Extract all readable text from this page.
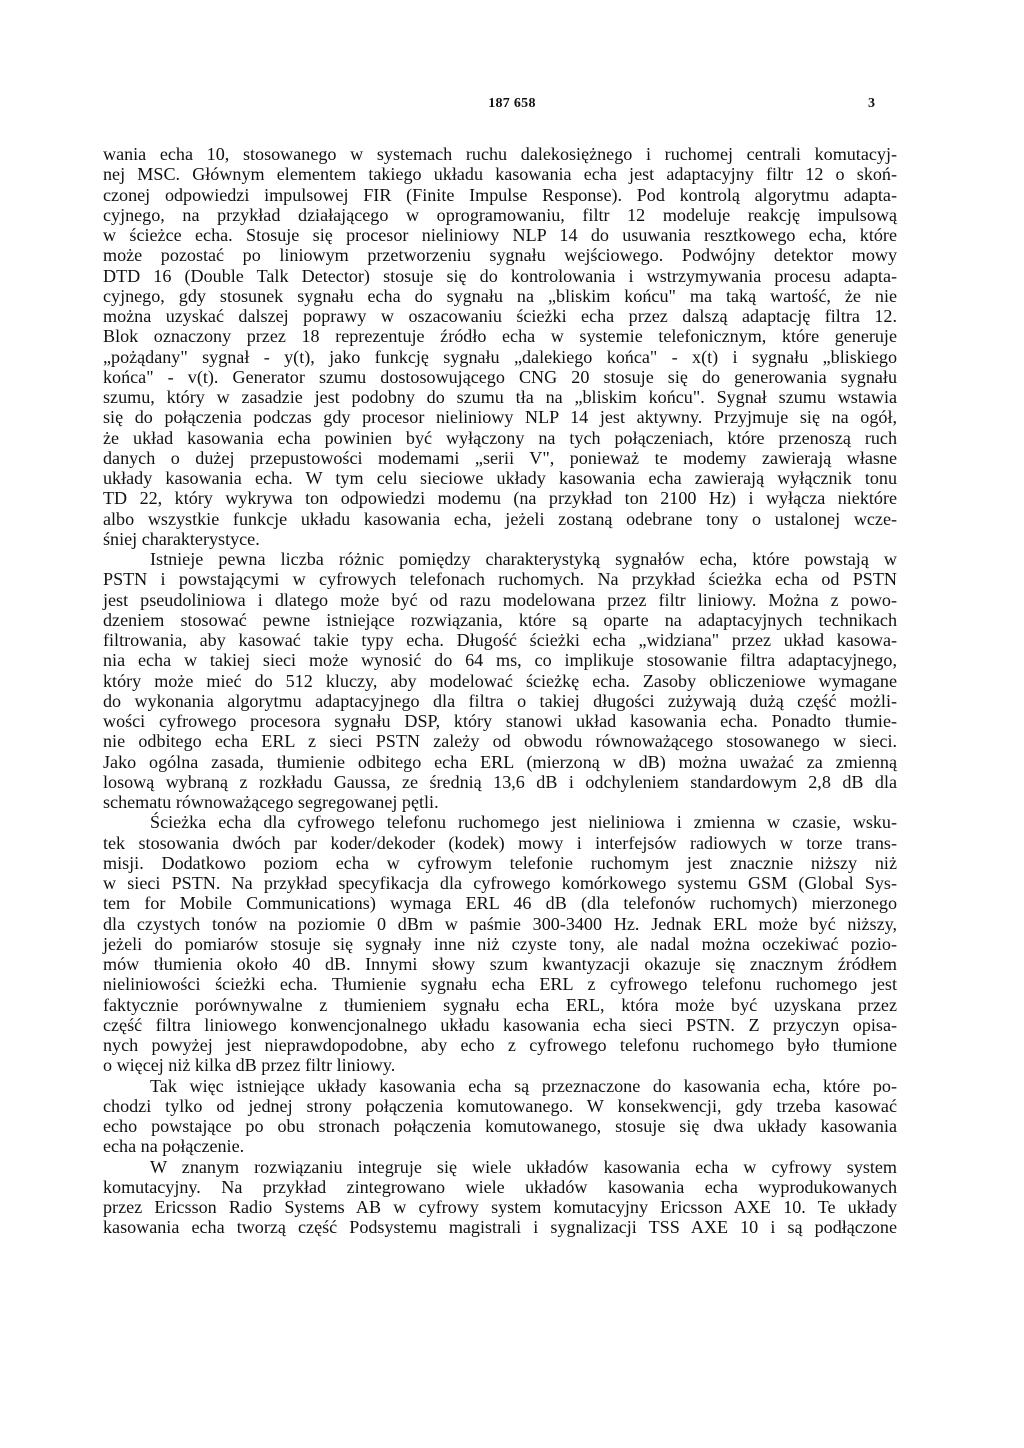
187 658	3
wania echa 10, stosowanego w systemach ruchu dalekosiężnego i ruchomej centrali komutacyj-
nej MSC. Głównym elementem takiego układu kasowania echa jest adaptacyjny filtr 12 o skoń-
czonej odpowiedzi impulsowej FIR (Finite Impulse Response). Pod kontrolą algorytmu adapta-
cyjnego, na przykład działającego w oprogramowaniu, filtr 12 modeluje reakcję impulsową
w ścieżce echa. Stosuje się procesor nieliniowy NLP 14 do usuwania resztkowego echa, które
może pozostać po liniowym przetworzeniu sygnału wejściowego. Podwójny detektor mowy
DTD 16 (Double Talk Detector) stosuje się do kontrolowania i wstrzymywania procesu adapta-
cyjnego, gdy stosunek sygnału echa do sygnału na „bliskim końcu" ma taką wartość, że nie
można uzyskać dalszej poprawy w oszacowaniu ścieżki echa przez dalszą adaptację filtra 12.
Blok oznaczony przez 18 reprezentuje źródło echa w systemie telefonicznym, które generuje
„pożądany" sygnał - y(t), jako funkcję sygnału „dalekiego końca" - x(t) i sygnału „bliskiego
końca" - v(t). Generator szumu dostosowującego CNG 20 stosuje się do generowania sygnału
szumu, który w zasadzie jest podobny do szumu tła na „bliskim końcu". Sygnał szumu wstawia
się do połączenia podczas gdy procesor nieliniowy NLP 14 jest aktywny. Przyjmuje się na ogół,
że układ kasowania echa powinien być wyłączony na tych połączeniach, które przenoszą ruch
danych o dużej przepustowości modemami „serii V", ponieważ te modemy zawierają własne
układy kasowania echa. W tym celu sieciowe układy kasowania echa zawierają wyłącznik tonu
TD 22, który wykrywa ton odpowiedzi modemu (na przykład ton 2100 Hz) i wyłącza niektóre
albo wszystkie funkcje układu kasowania echa, jeżeli zostaną odebrane tony o ustalonej wcze-
śniej charakterystyce.
Istnieje pewna liczba różnic pomiędzy charakterystyką sygnałów echa, które powstają w
PSTN i powstającymi w cyfrowych telefonach ruchomych. Na przykład ścieżka echa od PSTN
jest pseudoliniowa i dlatego może być od razu modelowana przez filtr liniowy. Można z powo-
dzeniem stosować pewne istniejące rozwiązania, które są oparte na adaptacyjnych technikach
filtrowania, aby kasować takie typy echa. Długość ścieżki echa „widziana" przez układ kasowa-
nia echa w takiej sieci może wynosić do 64 ms, co implikuje stosowanie filtra adaptacyjnego,
który może mieć do 512 kluczy, aby modelować ścieżkę echa. Zasoby obliczeniowe wymagane
do wykonania algorytmu adaptacyjnego dla filtra o takiej długości zużywają dużą część możli-
wości cyfrowego procesora sygnału DSP, który stanowi układ kasowania echa. Ponadto tłumie-
nie odbitego echa ERL z sieci PSTN zależy od obwodu równoważącego stosowanego w sieci.
Jako ogólna zasada, tłumienie odbitego echa ERL (mierzoną w dB) można uważać za zmienną
losową wybraną z rozkładu Gaussa, ze średnią 13,6 dB i odchyleniem standardowym 2,8 dB dla
schematu równoważącego segregowanej pętli.
Ścieżka echa dla cyfrowego telefonu ruchomego jest nieliniowa i zmienna w czasie, wsku-
tek stosowania dwóch par koder/dekoder (kodek) mowy i interfejsów radiowych w torze trans-
misji. Dodatkowo poziom echa w cyfrowym telefonie ruchomym jest znacznie niższy niż
w sieci PSTN. Na przykład specyfikacja dla cyfrowego komórkowego systemu GSM (Global Sys-
tem for Mobile Communications) wymaga ERL 46 dB (dla telefonów ruchomych) mierzonego
dla czystych tonów na poziomie 0 dBm w paśmie 300-3400 Hz. Jednak ERL może być niższy,
jeżeli do pomiarów stosuje się sygnały inne niż czyste tony, ale nadal można oczekiwać pozio-
mów tłumienia około 40 dB. Innymi słowy szum kwantyzacji okazuje się znacznym źródłem
nieliniowości ścieżki echa. Tłumienie sygnału echa ERL z cyfrowego telefonu ruchomego jest
faktycznie porównywalne z tłumieniem sygnału echa ERL, która może być uzyskana przez
część filtra liniowego konwencjonalnego układu kasowania echa sieci PSTN. Z przyczyn opisa-
nych powyżej jest nieprawdopodobne, aby echo z cyfrowego telefonu ruchomego było tłumione
o więcej niż kilka dB przez filtr liniowy.
Tak więc istniejące układy kasowania echa są przeznaczone do kasowania echa, które po-
chodzi tylko od jednej strony połączenia komutowanego. W konsekwencji, gdy trzeba kasować
echo powstające po obu stronach połączenia komutowanego, stosuje się dwa układy kasowania
echa na połączenie.
W znanym rozwiązaniu integruje się wiele układów kasowania echa w cyfrowy system
komutacyjny. Na przykład zintegrowano wiele układów kasowania echa wyprodukowanych
przez Ericsson Radio Systems AB w cyfrowy system komutacyjny Ericsson AXE 10. Te układy
kasowania echa tworzą część Podsystemu magistrali i sygnalizacji TSS AXE 10 i są podłączone
